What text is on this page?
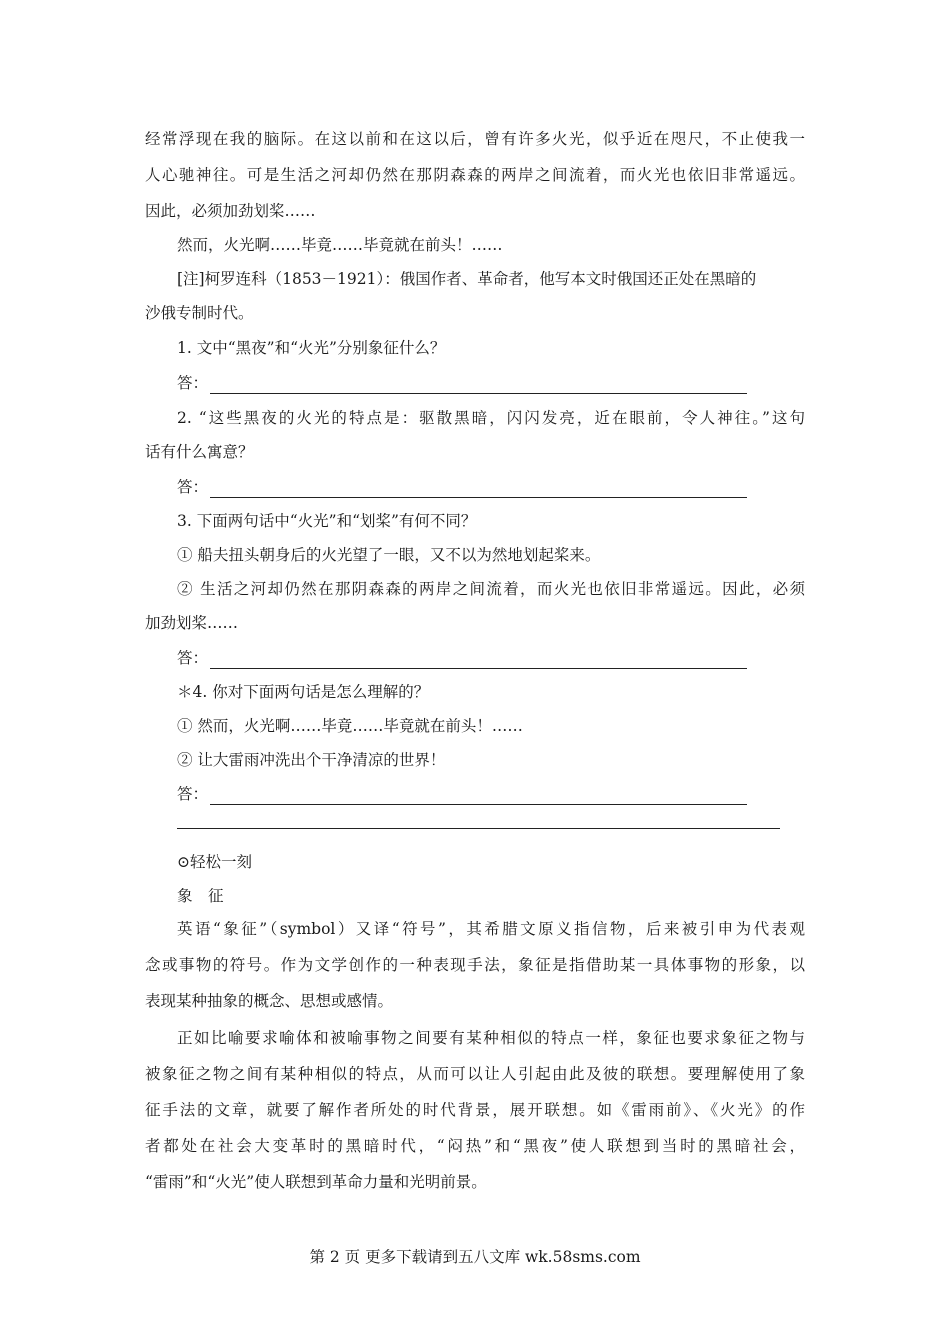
经常浮现在我的脑际。在这以前和在这以后，曾有许多火光，似乎近在咫尺，不止使我一
人心驰神往。可是生活之河却仍然在那阴森森的两岸之间流着，而火光也依旧非常遥远。
因此，必须加劲划桨……
然而，火光啊……毕竟……毕竟就在前头！……
[注]柯罗连科（1853－1921）：俄国作者、革命者，他写本文时俄国还正处在黑暗的
沙俄专制时代。
1. 文中“黑夜”和“火光”分别象征什么？
答：
2. “这些黑夜的火光的特点是：驱散黑暗，闪闪发亮，近在眼前，令人神往。”这句
话有什么寓意？
答：
3. 下面两句话中“火光”和“划桨”有何不同？
① 船夫扭头朝身后的火光望了一眼，又不以为然地划起桨来。
② 生活之河却仍然在那阴森森的两岸之间流着，而火光也依旧非常遥远。因此，必须
加劲划桨……
答：
＊4. 你对下面两句话是怎么理解的？
① 然而，火光啊……毕竟……毕竟就在前头！……
② 让大雷雨冲洗出个干净清凉的世界！
答：
⊙轻松一刻
象　征
英语“象征”（symbol）又译“符号”，其希腊文原义指信物，后来被引申为代表观
念或事物的符号。作为文学创作的一种表现手法，象征是指借助某一具体事物的形象，以
表现某种抽象的概念、思想或感情。
正如比喻要求喻体和被喻事物之间要有某种相似的特点一样，象征也要求象征之物与
被象征之物之间有某种相似的特点，从而可以让人引起由此及彼的联想。要理解使用了象
征手法的文章，就要了解作者所处的时代背景，展开联想。如《雷雨前》、《火光》的作
者都处在社会大变革时的黑暗时代，“闷热”和“黑夜”使人联想到当时的黑暗社会，
“雷雨”和“火光”使人联想到革命力量和光明前景。
第 2 页 更多下载请到五八文库 wk.58sms.com
